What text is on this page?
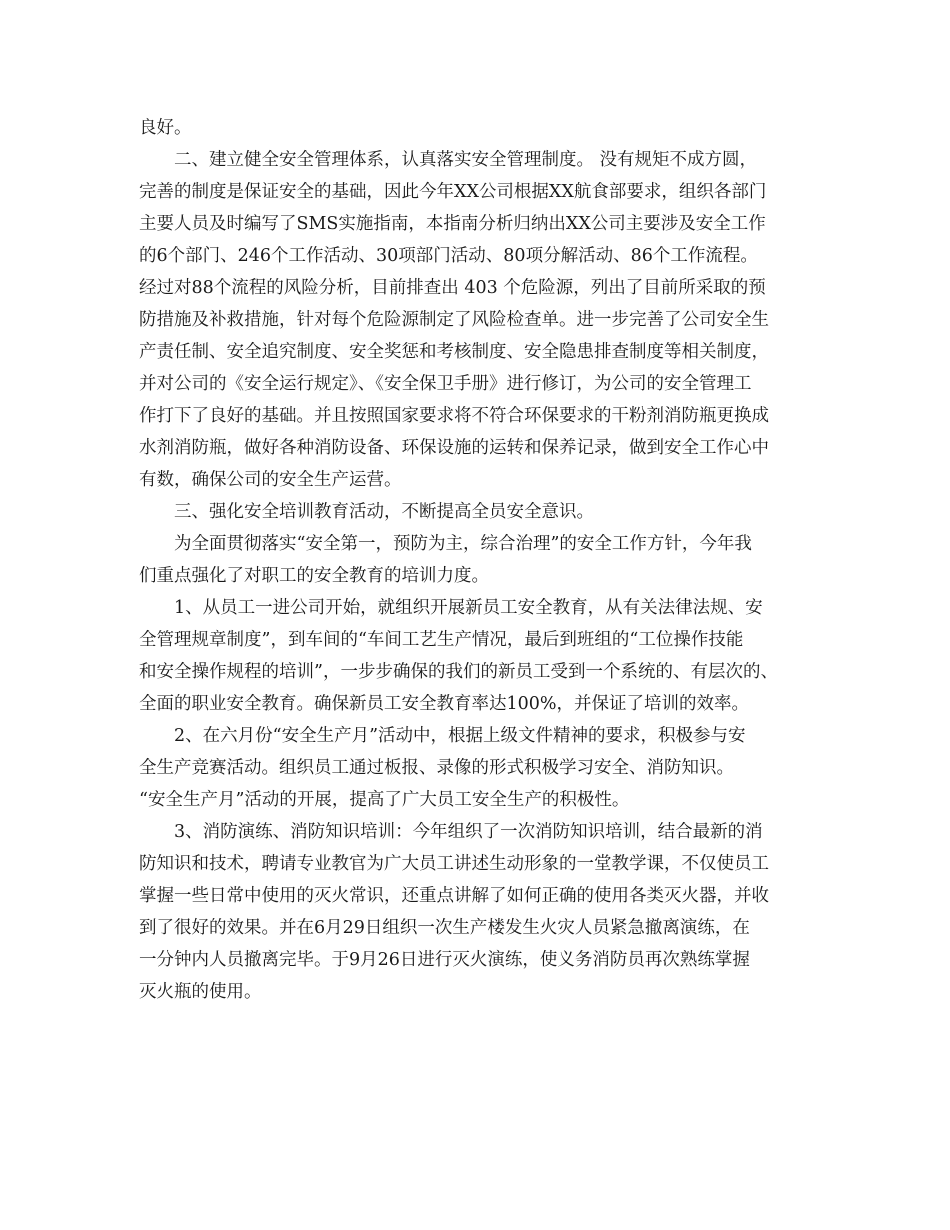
良好。

二、建立健全安全管理体系，认真落实安全管理制度。 没有规矩不成方圆，
完善的制度是保证安全的基础，因此今年XX公司根据XX航食部要求，组织各部门
主要人员及时编写了SMS实施指南，本指南分析归纳出XX公司主要涉及安全工作
的6个部门、246个工作活动、30项部门活动、80项分解活动、86个工作流程。
经过对88个流程的风险分析，目前排查出 403 个危险源，列出了目前所采取的预
防措施及补救措施，针对每个危险源制定了风险检查单。进一步完善了公司安全生
产责任制、安全追究制度、安全奖惩和考核制度、安全隐患排查制度等相关制度，
并对公司的《安全运行规定》、《安全保卫手册》进行修订，为公司的安全管理工
作打下了良好的基础。并且按照国家要求将不符合环保要求的干粉剂消防瓶更换成
水剂消防瓶，做好各种消防设备、环保设施的运转和保养记录，做到安全工作心中
有数，确保公司的安全生产运营。

三、强化安全培训教育活动，不断提高全员安全意识。

为全面贯彻落实“安全第一，预防为主，综合治理”的安全工作方针，今年我
们重点强化了对职工的安全教育的培训力度。

1、从员工一进公司开始，就组织开展新员工安全教育，从有关法律法规、安
全管理规章制度”，到车间的“车间工艺生产情况，最后到班组的“工位操作技能
和安全操作规程的培训”，一步步确保的我们的新员工受到一个系统的、有层次的、
全面的职业安全教育。确保新员工安全教育率达100%，并保证了培训的效率。

2、在六月份“安全生产月”活动中，根据上级文件精神的要求，积极参与安
全生产竞赛活动。组织员工通过板报、录像的形式积极学习安全、消防知识。
“安全生产月”活动的开展，提高了广大员工安全生产的积极性。

3、消防演练、消防知识培训：今年组织了一次消防知识培训，结合最新的消
防知识和技术，聘请专业教官为广大员工讲述生动形象的一堂教学课，不仅使员工
掌握一些日常中使用的灭火常识，还重点讲解了如何正确的使用各类灭火器，并收
到了很好的效果。并在6月29日组织一次生产楼发生火灾人员紧急撤离演练，在
一分钟内人员撤离完毕。于9月26日进行灭火演练，使义务消防员再次熟练掌握
灭火瓶的使用。
